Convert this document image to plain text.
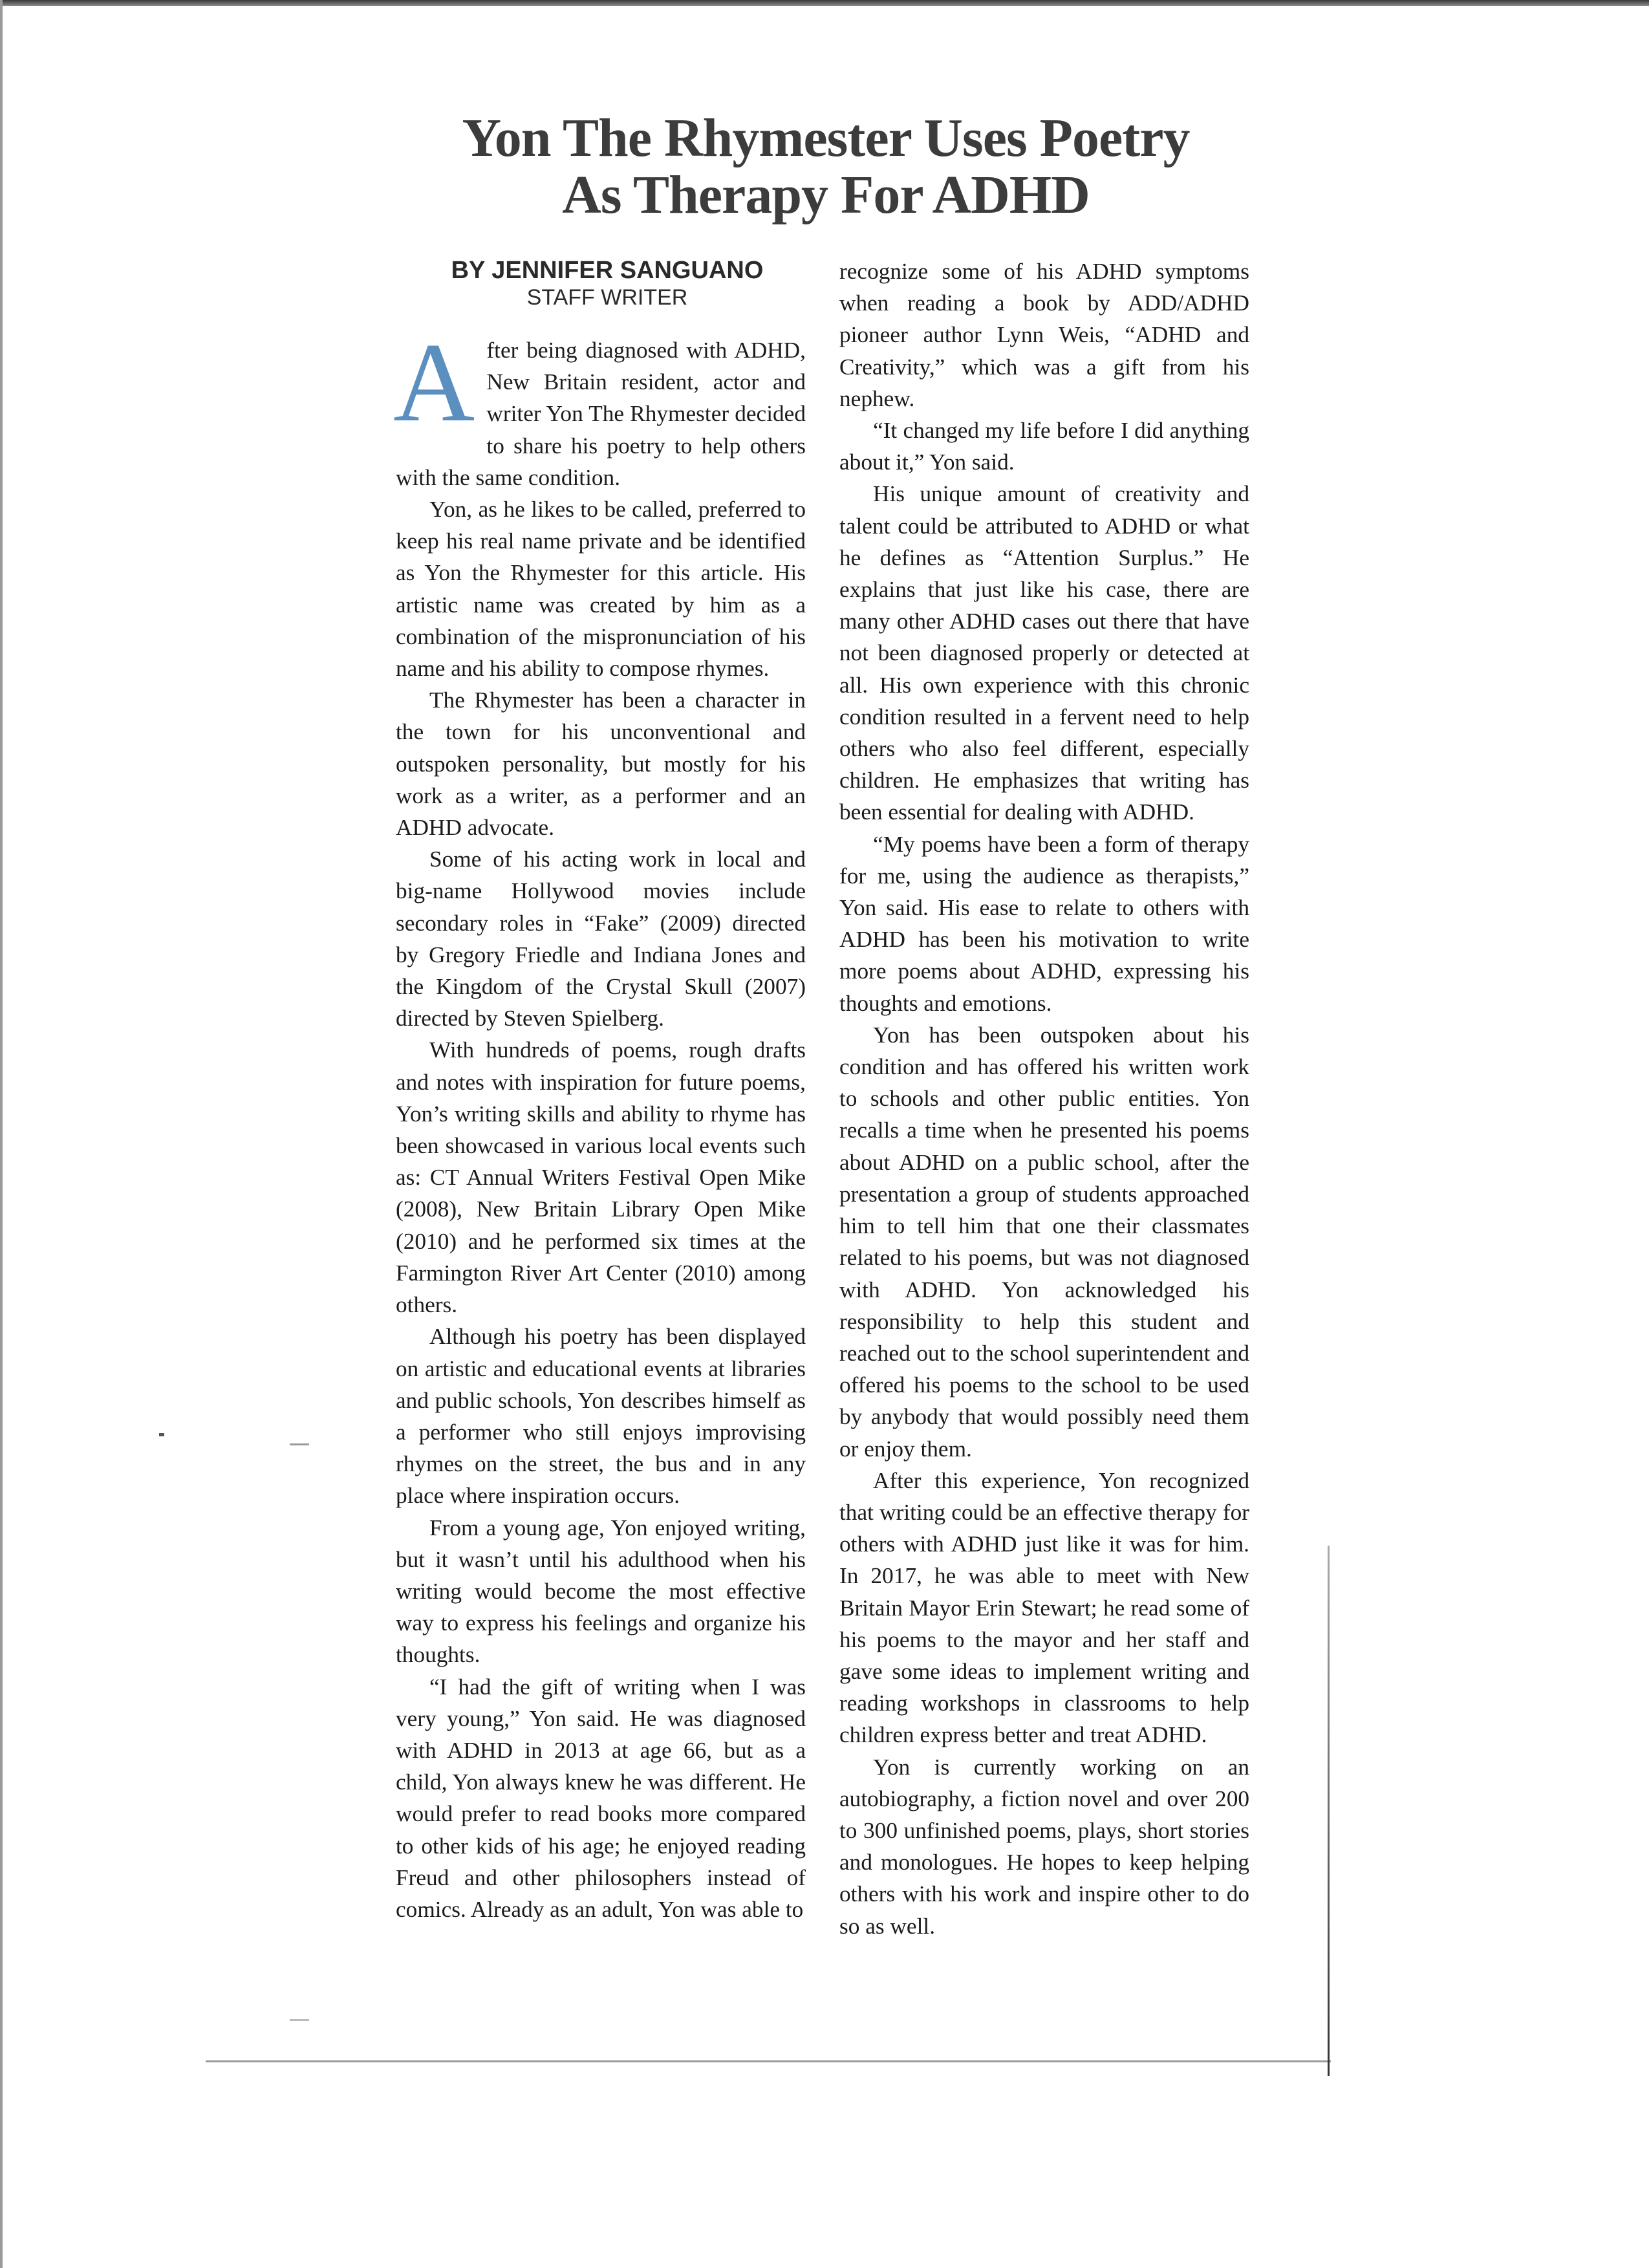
Yon The Rhymester Uses Poetry
As Therapy For ADHD
BY JENNIFER SANGUANO
STAFF WRITER

After being diagnosed with ADHD, New Britain resident, actor and writer Yon The Rhymester decided to share his poetry to help others with the same condition.

Yon, as he likes to be called, preferred to keep his real name private and be identified as Yon the Rhymester for this article. His artistic name was created by him as a combination of the mispronunciation of his name and his ability to compose rhymes.

The Rhymester has been a character in the town for his unconventional and outspoken personality, but mostly for his work as a writer, as a performer and an ADHD advocate.

Some of his acting work in local and big-name Hollywood movies include secondary roles in “Fake” (2009) directed by Gregory Friedle and Indiana Jones and the Kingdom of the Crystal Skull (2007) directed by Steven Spielberg.

With hundreds of poems, rough drafts and notes with inspiration for future poems, Yon’s writing skills and ability to rhyme has been showcased in various local events such as: CT Annual Writers Festival Open Mike (2008), New Britain Library Open Mike (2010) and he performed six times at the Farmington River Art Center (2010) among others.

Although his poetry has been displayed on artistic and educational events at libraries and public schools, Yon describes himself as a performer who still enjoys improvising rhymes on the street, the bus and in any place where inspiration occurs.

From a young age, Yon enjoyed writing, but it wasn’t until his adulthood when his writing would become the most effective way to express his feelings and organize his thoughts.

“I had the gift of writing when I was very young,” Yon said. He was diagnosed with ADHD in 2013 at age 66, but as a child, Yon always knew he was different. He would prefer to read books more compared to other kids of his age; he enjoyed reading Freud and other philosophers instead of comics. Already as an adult, Yon was able to

recognize some of his ADHD symptoms when reading a book by ADD/ADHD pioneer author Lynn Weis, “ADHD and Creativity,” which was a gift from his nephew.

“It changed my life before I did anything about it,” Yon said.

His unique amount of creativity and talent could be attributed to ADHD or what he defines as “Attention Surplus.” He explains that just like his case, there are many other ADHD cases out there that have not been diagnosed properly or detected at all. His own experience with this chronic condition resulted in a fervent need to help others who also feel different, especially children. He emphasizes that writing has been essential for dealing with ADHD.

“My poems have been a form of therapy for me, using the audience as therapists,” Yon said. His ease to relate to others with ADHD has been his motivation to write more poems about ADHD, expressing his thoughts and emotions.

Yon has been outspoken about his condition and has offered his written work to schools and other public entities. Yon recalls a time when he presented his poems about ADHD on a public school, after the presentation a group of students approached him to tell him that one their classmates related to his poems, but was not diagnosed with ADHD. Yon acknowledged his responsibility to help this student and reached out to the school superintendent and offered his poems to the school to be used by anybody that would possibly need them or enjoy them.

After this experience, Yon recognized that writing could be an effective therapy for others with ADHD just like it was for him. In 2017, he was able to meet with New Britain Mayor Erin Stewart; he read some of his poems to the mayor and her staff and gave some ideas to implement writing and reading workshops in classrooms to help children express better and treat ADHD.

Yon is currently working on an autobiography, a fiction novel and over 200 to 300 unfinished poems, plays, short stories and monologues. He hopes to keep helping others with his work and inspire other to do so as well.
